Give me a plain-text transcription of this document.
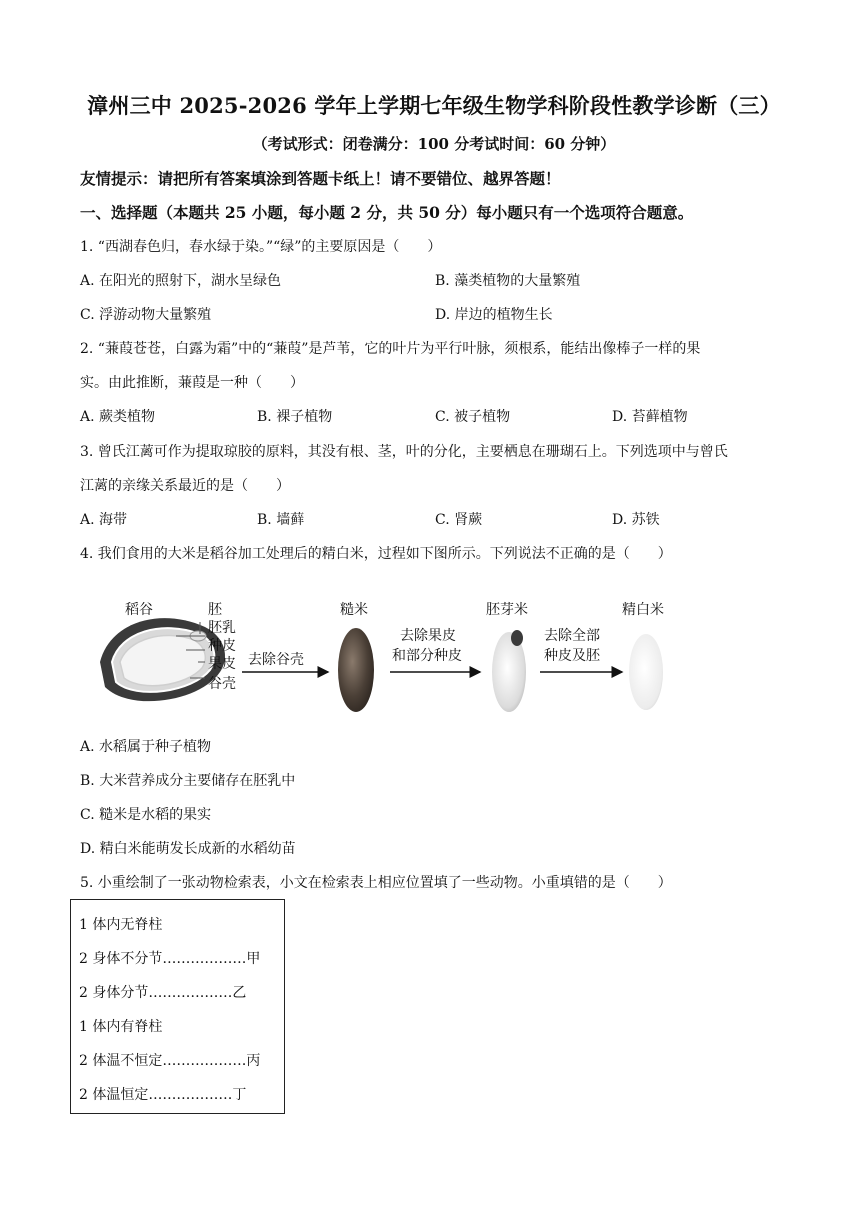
漳州三中 2025-2026 学年上学期七年级生物学科阶段性教学诊断（三）
（考试形式：闭卷满分：100 分考试时间：60 分钟）
友情提示：请把所有答案填涂到答题卡纸上！请不要错位、越界答题！
一、选择题（本题共 25 小题，每小题 2 分，共 50 分）每小题只有一个选项符合题意。
1. “西湖春色归，春水绿于染。”“绿”的主要原因是（　　）
A. 在阳光的照射下，湖水呈绿色	B. 藻类植物的大量繁殖
C. 浮游动物大量繁殖	D. 岸边的植物生长
2. “蒹葭苍苍，白露为霜”中的“蒹葭”是芦苇，它的叶片为平行叶脉，须根系，能结出像棒子一样的果
实。由此推断，蒹葭是一种（　　）
A. 蕨类植物	B. 裸子植物	C. 被子植物	D. 苔藓植物
3. 曾氏江蓠可作为提取琼胶的原料，其没有根、茎，叶的分化，主要栖息在珊瑚石上。下列选项中与曾氏
江蓠的亲缘关系最近的是（　　）
A. 海带	B. 墙藓	C. 肾蕨	D. 苏铁
4. 我们食用的大米是稻谷加工处理后的精白米，过程如下图所示。下列说法不正确的是（　　）
稻谷	胚
胚乳
种皮
果皮
谷壳
去除谷壳
糙米
去除果皮
和部分种皮
胚芽米
去除全部
种皮及胚
精白米
A. 水稻属于种子植物
B. 大米营养成分主要储存在胚乳中
C. 糙米是水稻的果实
D. 精白米能萌发长成新的水稻幼苗
5. 小重绘制了一张动物检索表，小文在检索表上相应位置填了一些动物。小重填错的是（　　）
1 体内无脊柱
2 身体不分节………………甲
2 身体分节………………乙
1 体内有脊柱
2 体温不恒定………………丙
2 体温恒定………………丁
